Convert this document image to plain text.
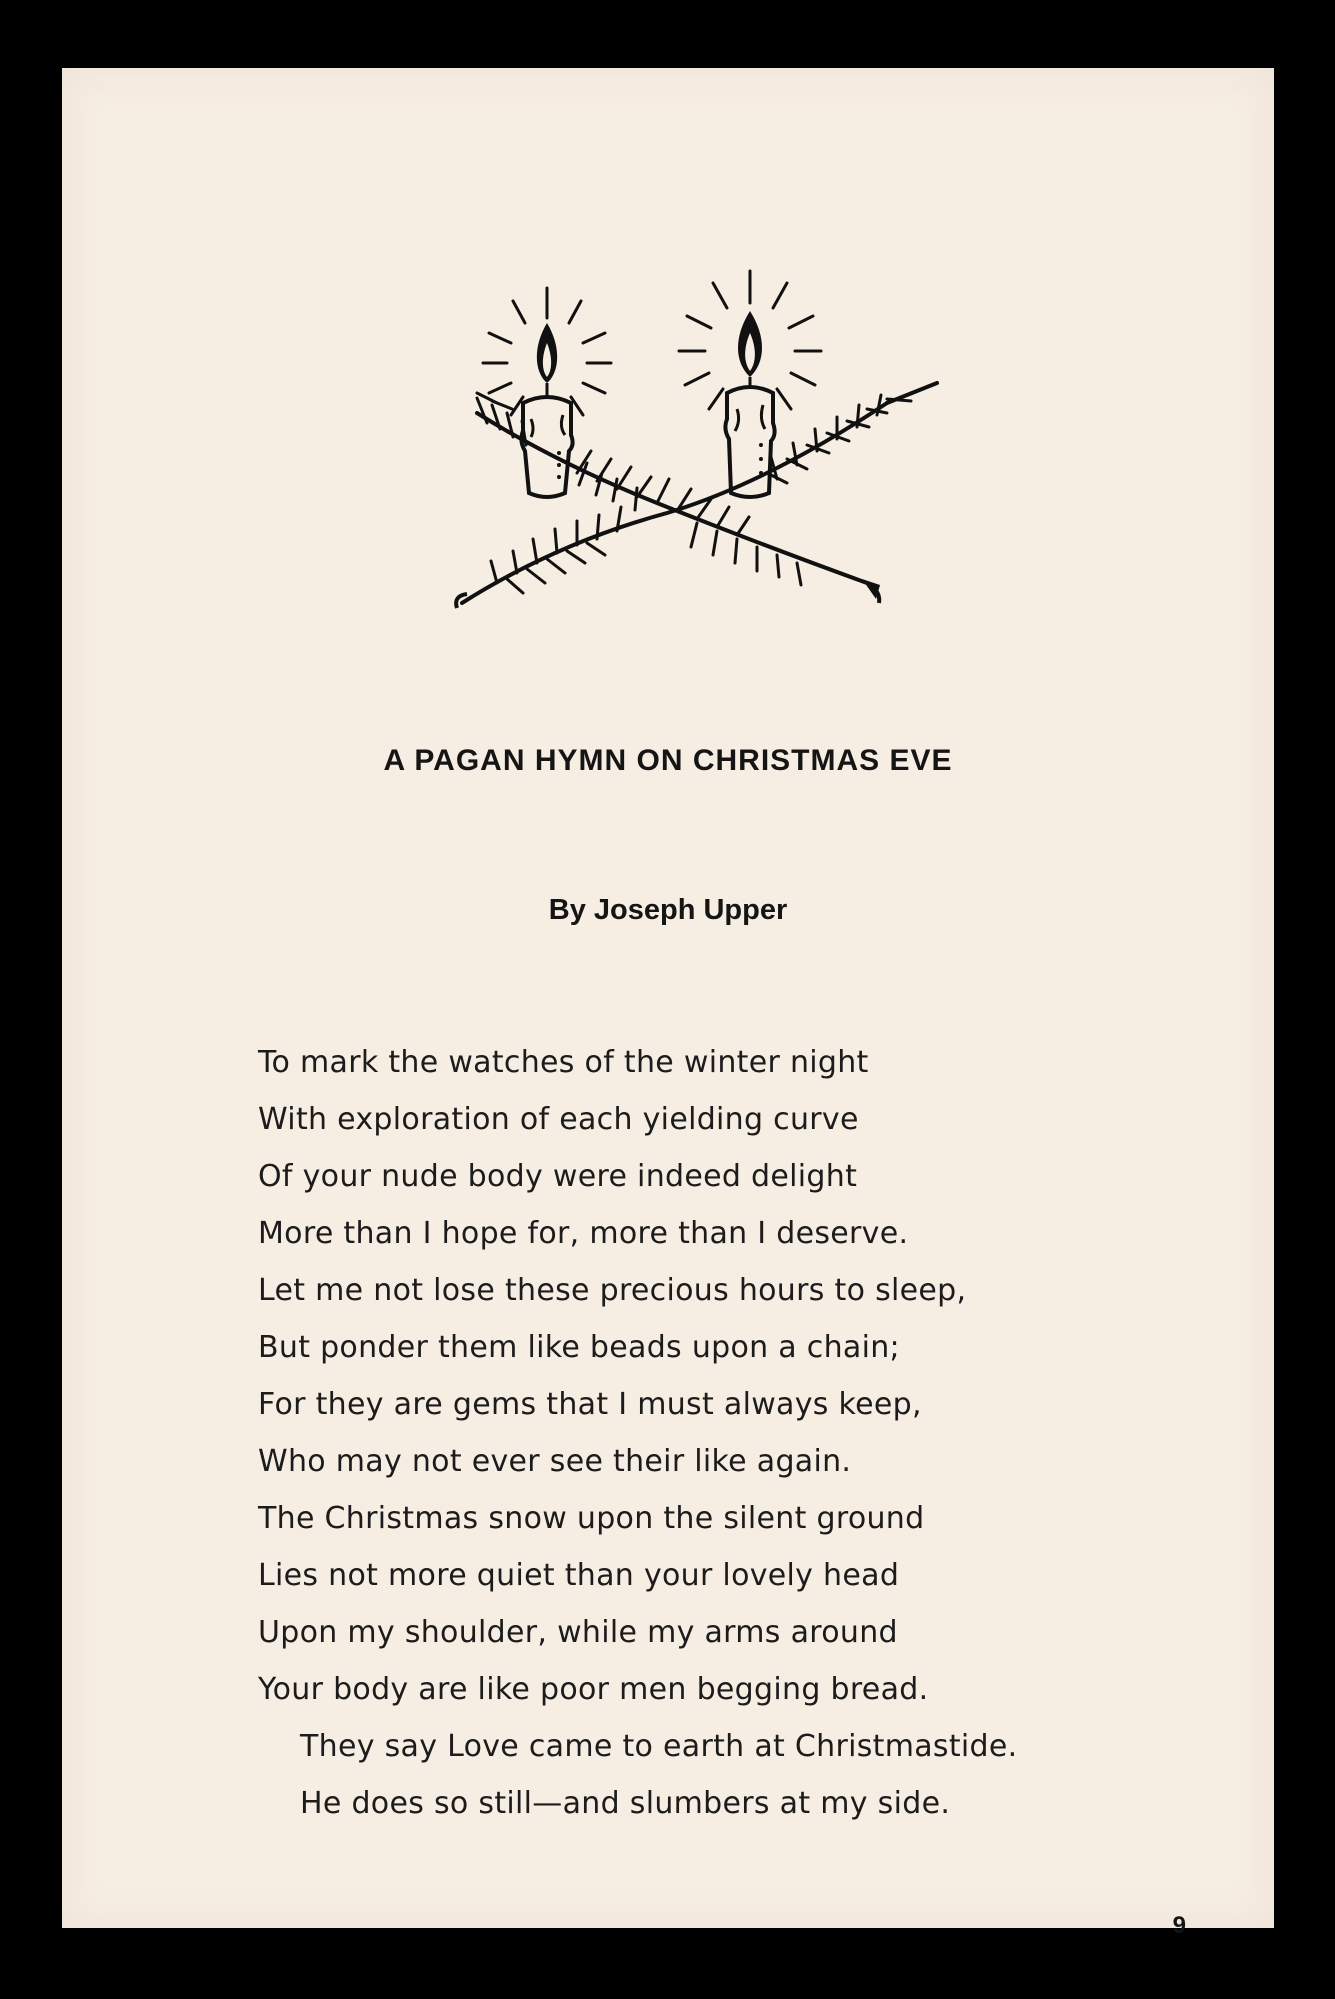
A PAGAN HYMN ON CHRISTMAS EVE
By Joseph Upper
To mark the watches of the winter night
With exploration of each yielding curve
Of your nude body were indeed delight
More than I hope for, more than I deserve.
Let me not lose these precious hours to sleep,
But ponder them like beads upon a chain;
For they are gems that I must always keep,
Who may not ever see their like again.
The Christmas snow upon the silent ground
Lies not more quiet than your lovely head
Upon my shoulder, while my arms around
Your body are like poor men begging bread.
They say Love came to earth at Christmastide.
He does so still—and slumbers at my side.
9
